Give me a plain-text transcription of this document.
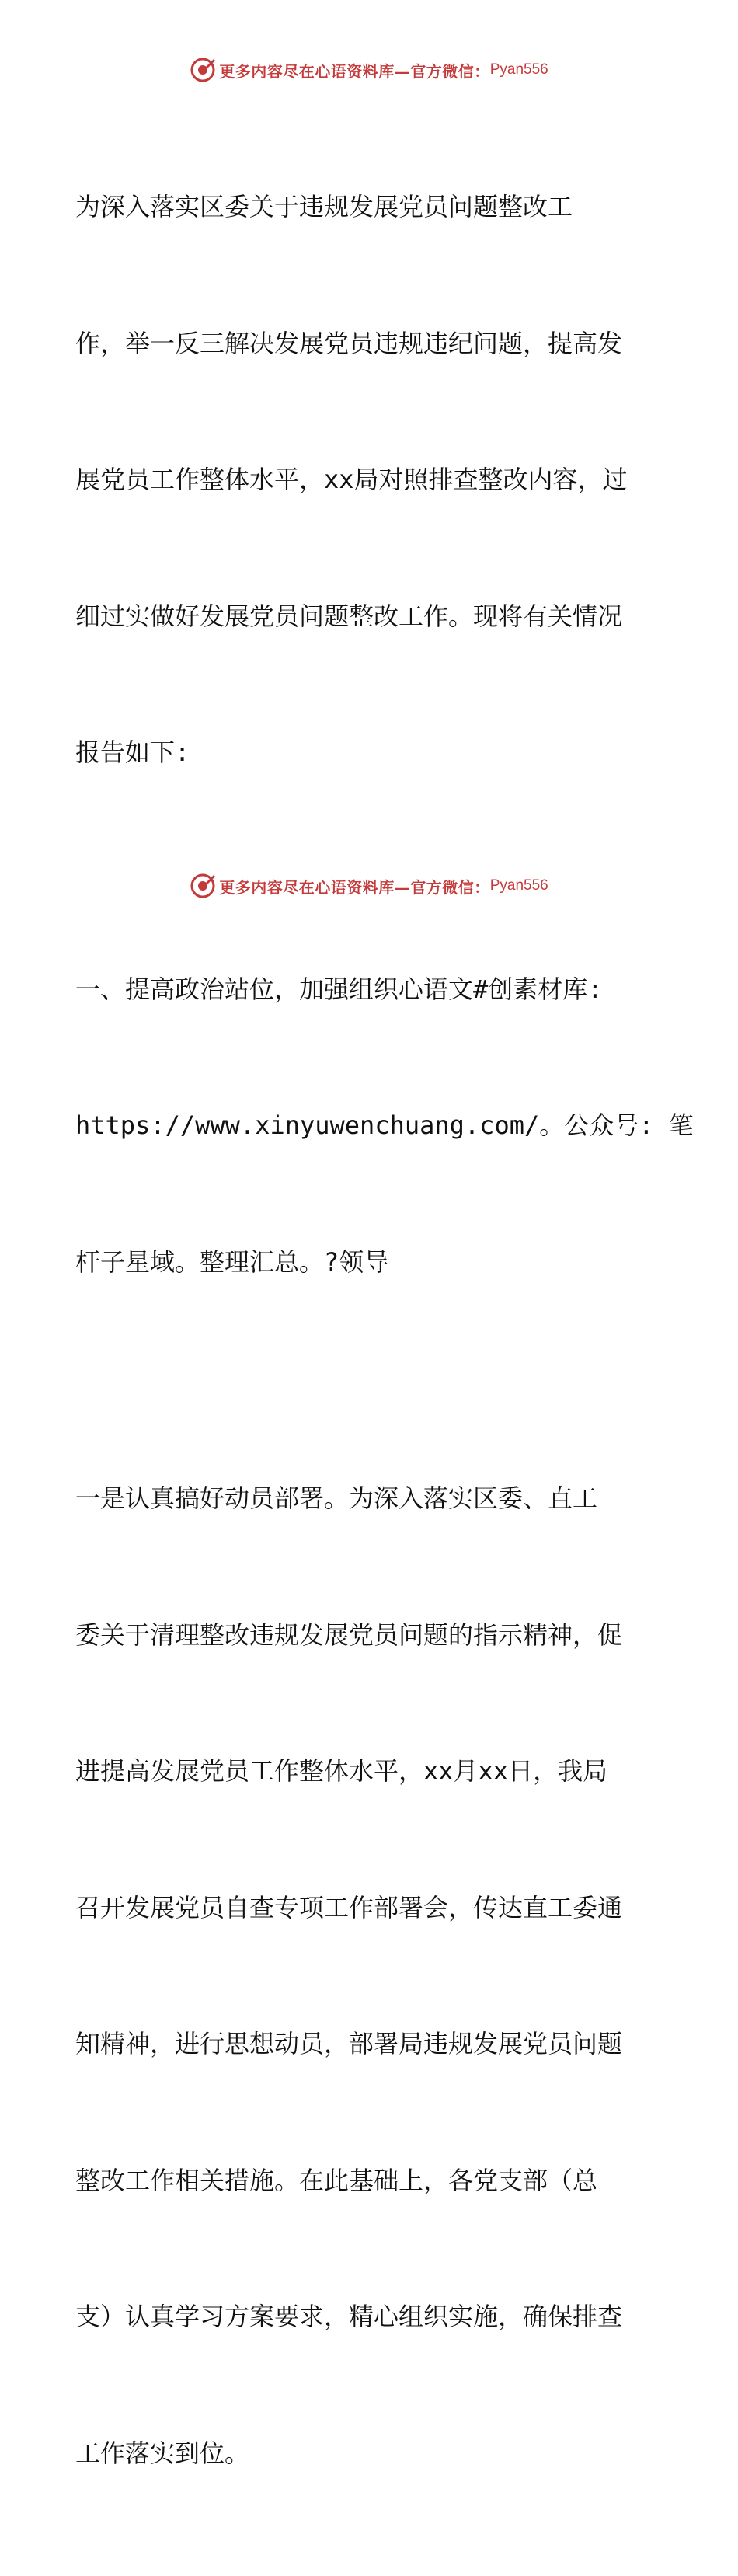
更多内容尽在心语资料库—官方微信： Pyan556

为深入落实区委关于违规发展党员问题整改工

作，举一反三解决发展党员违规违纪问题，提高发

展党员工作整体水平，xx局对照排查整改内容，过

细过实做好发展党员问题整改工作。现将有关情况

报告如下:

一、提高政治站位，加强组织心语文#创素材库:

https://www.xinyuwenchuang.com/。公众号: 笔

杆子星域。整理汇总。?领导

一是认真搞好动员部署。为深入落实区委、直工

委关于清理整改违规发展党员问题的指示精神，促

进提高发展党员工作整体水平，xx月xx日，我局

召开发展党员自查专项工作部署会，传达直工委通

知精神，进行思想动员，部署局违规发展党员问题

整改工作相关措施。在此基础上，各党支部（总

支）认真学习方案要求，精心组织实施，确保排查

工作落实到位。

更多内容尽在心语资料库—官方微信： Pyan556
